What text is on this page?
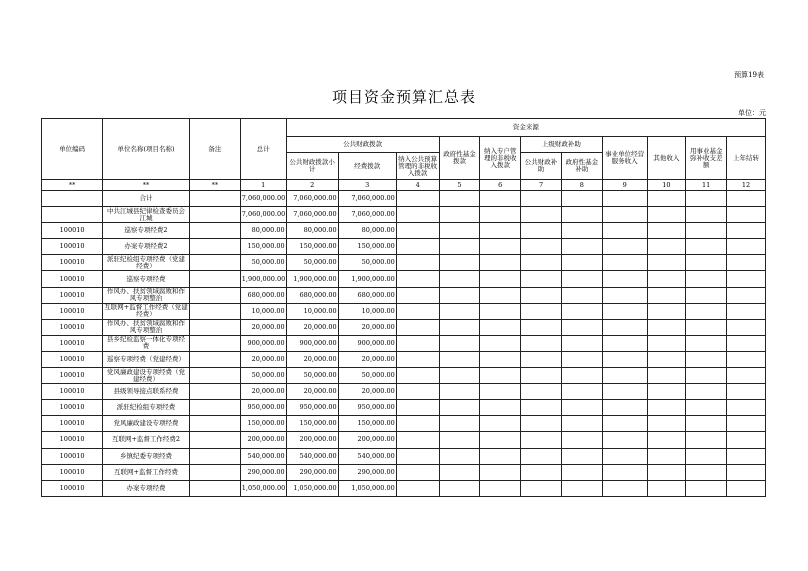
预算19表
项目资金预算汇总表
单位：元
单位编码	单位名称(项目名称)	备注	总计	资金来源										
				公共财政拨款			政府性基金拨款	纳入专户管理的非税收入拨款	上级财政补助		事业单位经营服务收入	其他收入	用事业基金弥补收支差额	上年结转
				公共财政拨款小计	经费拨款	纳入公共预算管理的非税收入拨款			公共财政补助	政府性基金补助				
**	**	**	1	2	3	4	5	6	7	8	9	10	11	12
	合计		7,060,000.00	7,060,000.00	7,060,000.00									
	中共江城县纪律检查委员会江城		7,060,000.00	7,060,000.00	7,060,000.00									
100010	巡察专项经费2		80,000.00	80,000.00	80,000.00									
100010	办案专项经费2		150,000.00	150,000.00	150,000.00									
100010	派驻纪检组专项经费（党建经费）		50,000.00	50,000.00	50,000.00									
100010	巡察专项经费		1,900,000.00	1,900,000.00	1,900,000.00									
100010	作风办、扶贫领域腐败和作风专项整治		680,000.00	680,000.00	680,000.00									
100010	互联网+监督工作经费（党建经费）		10,000.00	10,000.00	10,000.00									
100010	作风办、扶贫领域腐败和作风专项整治		20,000.00	20,000.00	20,000.00									
100010	县乡纪检监察一体化专项经费		900,000.00	900,000.00	900,000.00									
100010	巡察专项经费（党建经费）		20,000.00	20,000.00	20,000.00									
100010	党风廉政建设专项经费（党建经费）		50,000.00	50,000.00	50,000.00									
100010	县级领导接点联系经费		20,000.00	20,000.00	20,000.00									
100010	派驻纪检组专项经费		950,000.00	950,000.00	950,000.00									
100010	党风廉政建设专项经费		150,000.00	150,000.00	150,000.00									
100010	互联网+监督工作经费2		200,000.00	200,000.00	200,000.00									
100010	乡镇纪委专项经费		540,000.00	540,000.00	540,000.00									
100010	互联网+监督工作经费		290,000.00	290,000.00	290,000.00									
100010	办案专项经费		1,050,000.00	1,050,000.00	1,050,000.00									
